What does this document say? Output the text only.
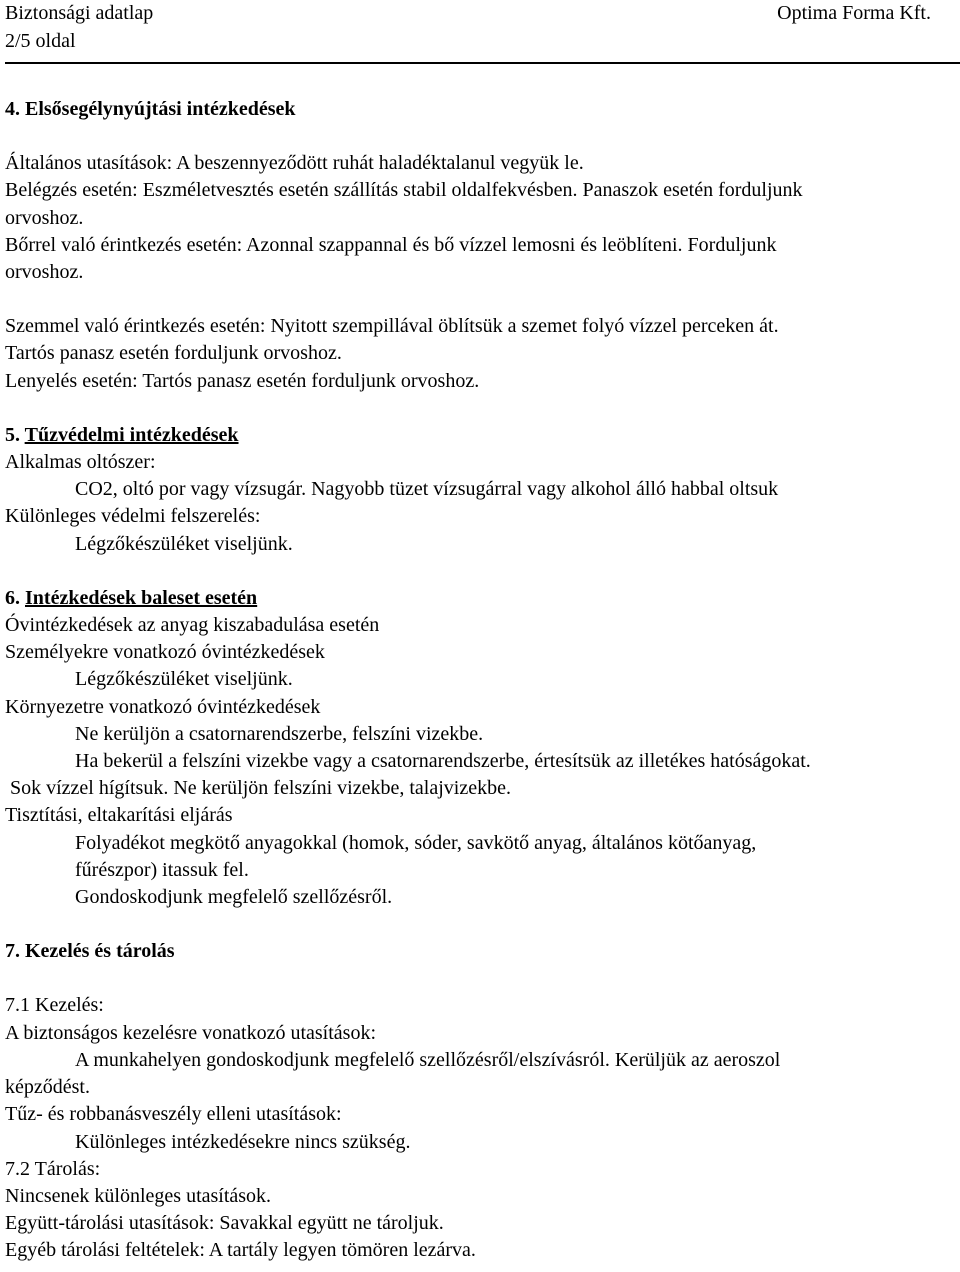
Biztonsági adatlap
2/5 oldal
Optima Forma Kft.

4. Elsősegélynyújtási intézkedések

Általános utasítások: A beszennyeződött ruhát haladéktalanul vegyük le.

Belégzés esetén: Eszméletvesztés esetén szállítás stabil oldalfekvésben. Panaszok esetén forduljunk

orvoshoz.

Bőrrel való érintkezés esetén: Azonnal szappannal és bő vízzel lemosni és leöblíteni. Forduljunk

orvoshoz.

Szemmel való érintkezés esetén: Nyitott szempillával öblítsük a szemet folyó vízzel perceken át.

Tartós panasz esetén forduljunk orvoshoz.

Lenyelés esetén: Tartós panasz esetén forduljunk orvoshoz.

5. Tűzvédelmi intézkedések

Alkalmas oltószer:

CO2, oltó por vagy vízsugár. Nagyobb tüzet vízsugárral vagy alkohol álló habbal oltsuk

Különleges védelmi felszerelés:

Légzőkészüléket viseljünk.

6. Intézkedések baleset esetén

Óvintézkedések az anyag kiszabadulása esetén

Személyekre vonatkozó óvintézkedések

Légzőkészüléket viseljünk.

Környezetre vonatkozó óvintézkedések

Ne kerüljön a csatornarendszerbe, felszíni vizekbe.

Ha bekerül a felszíni vizekbe vagy a csatornarendszerbe, értesítsük az illetékes hatóságokat.

Sok vízzel hígítsuk. Ne kerüljön felszíni vizekbe, talajvizekbe.

Tisztítási, eltakarítási eljárás

Folyadékot megkötő anyagokkal (homok, sóder, savkötő anyag, általános kötőanyag,

fűrészpor) itassuk fel.

Gondoskodjunk megfelelő szellőzésről.

7. Kezelés és tárolás

7.1 Kezelés:

A biztonságos kezelésre vonatkozó utasítások:

A munkahelyen gondoskodjunk megfelelő szellőzésről/elszívásról. Kerüljük az aeroszol

képződést.

Tűz- és robbanásveszély elleni utasítások:

Különleges intézkedésekre nincs szükség.

7.2 Tárolás:

Nincsenek különleges utasítások.

Együtt-tárolási utasítások: Savakkal együtt ne tároljuk.

Egyéb tárolási feltételek: A tartály legyen tömören lezárva.
